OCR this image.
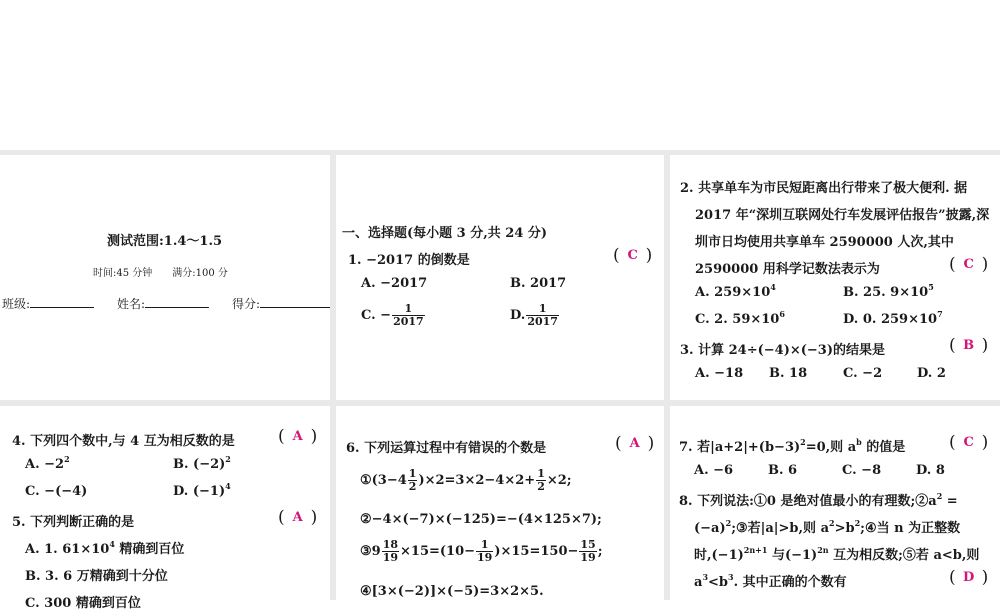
测试范围:1.4～1.5
时间:45 分钟　　满分:100 分
班级:	姓名:	得分:
一、选择题(每小题 3 分,共 24 分)
1. −2017 的倒数是	( C )
A. −2017	B. 2017
C. − $\frac{1}{2017}$	D. $\frac{1}{2017}$
2. 共享单车为市民短距离出行带来了极大便利. 据
2017 年“深圳互联网处行车发展评估报告”披露,深
圳市日均使用共享单车 2590000 人次,其中
2590000 用科学记数法表示为	( C )
A. $259\times 10^4$	B. 25. $9\times 10^5$
C. 2. $59\times 10^6$	D. 0. $259\times 10^7$
3. 计算 24÷(−4)×(−3)的结果是	( B )
A. −18 B. 18	C. −2	D. 2
4. 下列四个数中,与 4 互为相反数的是	( A )
A. $-2^2$	B. $(-2)^2$
C. −(−4)	D. $(-1)^4$
5. 下列判断正确的是	( A )
A. 1. $61\times 10^4$ 精确到百位
B. 3. 6 万精确到十分位
C. 300 精确到百位
6. 下列运算过程中有错误的个数是	( A )
①(3−4 $\frac{1}{2} )\times 2=3\times 2-4\times 2+ \frac{1}{2} \times 2$;
②−4×(−7)×(−125)=−(4×125×7);
③9 $\frac{18}{19} \times 15=(10- \frac{1}{19} )\times 15=150- \frac{15}{19}$ ;
④[3×(−2)]×(−5)=3×2×5.
7. 若$|a+2|+(b-3)^2=0$,则 $a^b$ 的值是	( C )
A. −6	B. 6	C. −8	D. 8
8. 下列说法:①0 是绝对值最小的有理数$;②a^2$ =
$(-a)^2;③$若|a|>b,则 $a^2>b^2;④$当 n 为正整数
时$,(-1)^{2n+1}$ 与$(-1)^{2n}$ 互为相反数;⑤若 a<b,则
$a^3<b^3$. 其中正确的个数有	( D )
